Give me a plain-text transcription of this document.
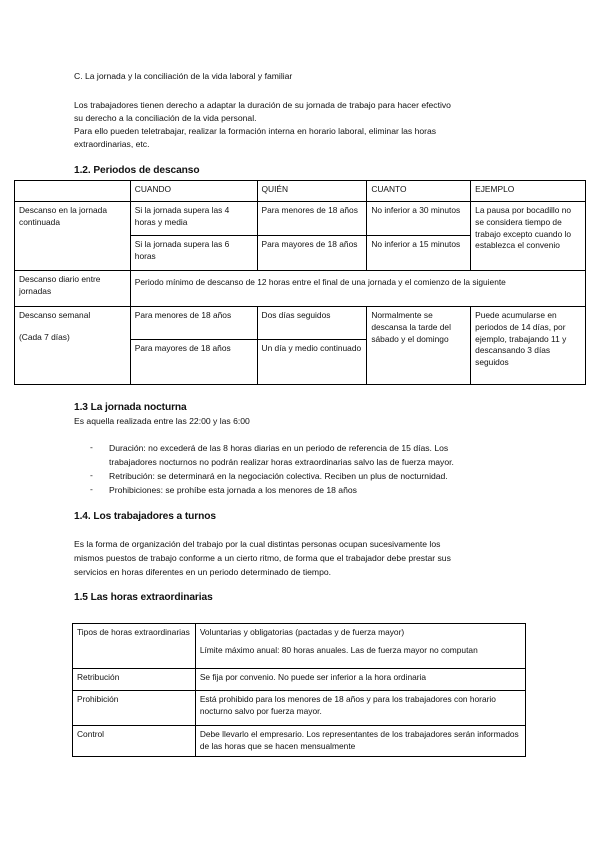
C. La jornada y la conciliación de la vida laboral y familiar
Los trabajadores tienen derecho a adaptar la duración de su jornada de trabajo para hacer efectivo
su derecho a la conciliación de la vida personal.
Para ello pueden teletrabajar, realizar la formación interna en horario laboral, eliminar las horas
extraordinarias, etc.
1.2. Periodos de descanso
	CUANDO	QUIÉN	CUANTO	EJEMPLO
Descanso en la jornada continuada	Si la jornada supera las 4 horas y media	Para menores de 18 años	No inferior a 30 minutos	La pausa por bocadillo no se considera tiempo de trabajo excepto cuando lo establezca el convenio
	Si la jornada supera las 6 horas	Para mayores de 18 años	No inferior a 15 minutos	
Descanso diario entre jornadas	Periodo mínimo de descanso de 12 horas entre el final de una jornada y el comienzo de la siguiente			

Descanso semanal
(Cada 7 días)	Para menores de 18 años	Dos días seguidos	Normalmente se descansa la tarde del sábado y el domingo	Puede acumularse en periodos de 14 días, por ejemplo, trabajando 11 y descansando 3 días seguidos
	Para mayores de 18 años	Un día y medio continuado		
1.3 La jornada nocturna
Es aquella realizada entre las 22:00 y las 6:00
- Duración: no excederá de las 8 horas diarias en un periodo de referencia de 15 días. Los
trabajadores nocturnos no podrán realizar horas extraordinarias salvo las de fuerza mayor.
- Retribución: se determinará en la negociación colectiva. Reciben un plus de nocturnidad.
- Prohibiciones: se prohíbe esta jornada a los menores de 18 años
1.4. Los trabajadores a turnos
Es la forma de organización del trabajo por la cual distintas personas ocupan sucesivamente los
mismos puestos de trabajo conforme a un cierto ritmo, de forma que el trabajador debe prestar sus
servicios en horas diferentes en un periodo determinado de tiempo.
1.5 Las horas extraordinarias
Tipos de horas extraordinarias	Voluntarias y obligatorias (pactadas y de fuerza mayor)
Límite máximo anual: 80 horas anuales. Las de fuerza mayor no computan

Retribución	Se fija por convenio. No puede ser inferior a la hora ordinaria
Prohibición	Está prohibido para los menores de 18 años y para los trabajadores con horario nocturno salvo por fuerza mayor.
Control	Debe llevarlo el empresario. Los representantes de los trabajadores serán informados de las horas que se hacen mensualmente
